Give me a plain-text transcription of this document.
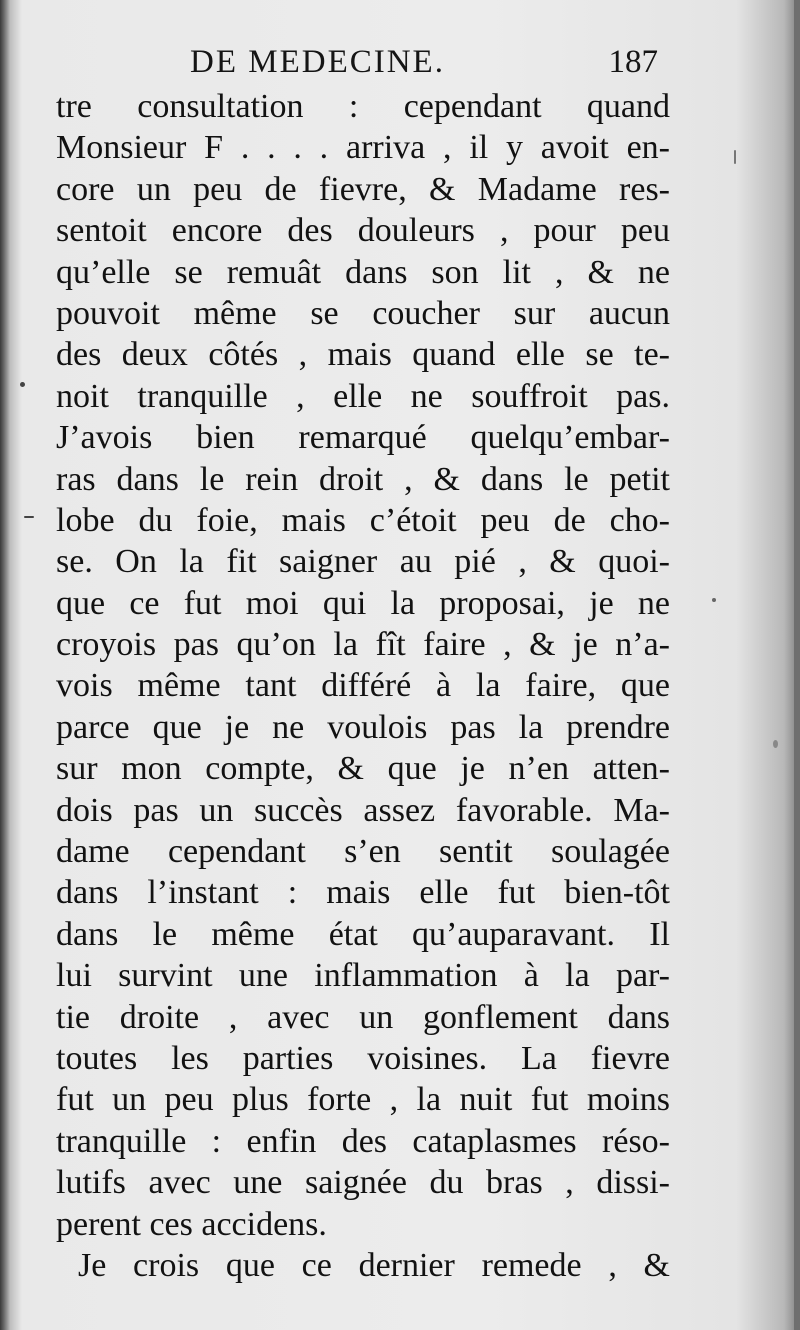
DE MEDECINE.	187
tre consultation : cependant quand
Monsieur F . . . . arriva , il y avoit en-
core un peu de fievre, & Madame res-
sentoit encore des douleurs , pour peu
qu’elle se remuât dans son lit , & ne
pouvoit même se coucher sur aucun
des deux côtés , mais quand elle se te-
noit tranquille , elle ne souffroit pas.
J’avois bien remarqué quelqu’embar-
ras dans le rein droit , & dans le petit
lobe du foie, mais c’étoit peu de cho-
se. On la fit saigner au pié , & quoi-
que ce fut moi qui la proposai, je ne
croyois pas qu’on la fît faire , & je n’a-
vois même tant différé à la faire, que
parce que je ne voulois pas la prendre
sur mon compte, & que je n’en atten-
dois pas un succès assez favorable. Ma-
dame cependant s’en sentit soulagée
dans l’instant : mais elle fut bien-tôt
dans le même état qu’auparavant. Il
lui survint une inflammation à la par-
tie droite , avec un gonflement dans
toutes les parties voisines. La fievre
fut un peu plus forte , la nuit fut moins
tranquille : enfin des cataplasmes réso-
lutifs avec une saignée du bras , dissi-
perent ces accidens.
Je crois que ce dernier remede , &
